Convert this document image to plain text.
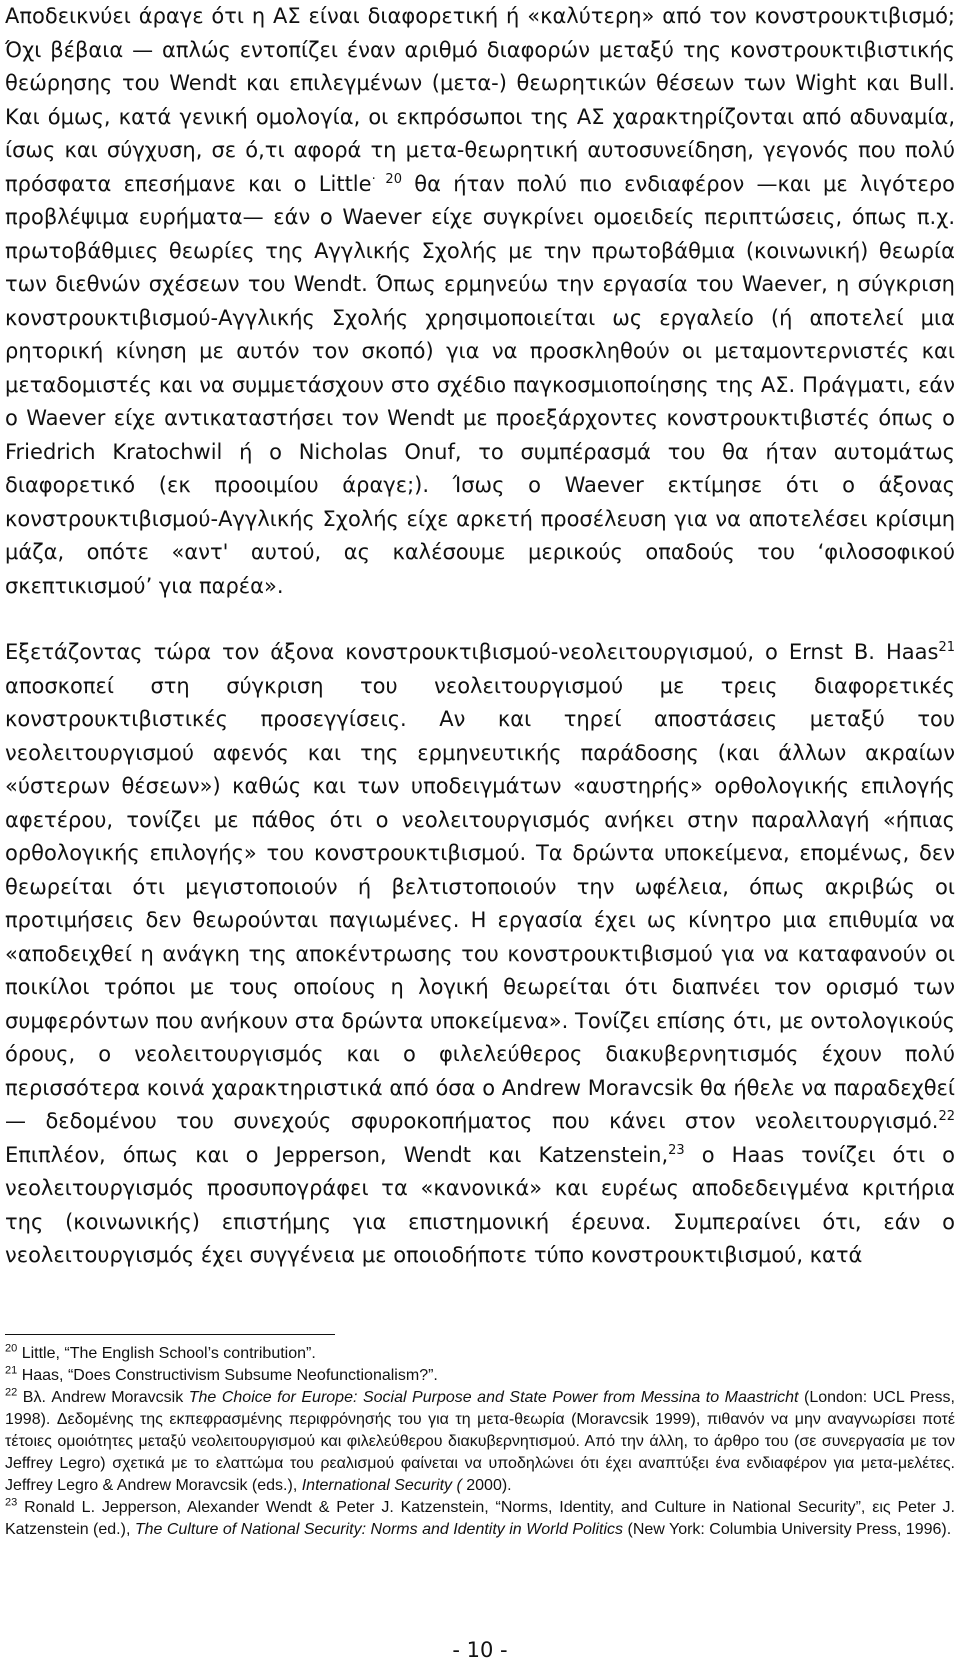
Αποδεικνύει άραγε ότι η ΑΣ είναι διαφορετική ή «καλύτερη» από τον κονστρουκτιβισμό; Όχι βέβαια — απλώς εντοπίζει έναν αριθμό διαφορών μεταξύ της κονστρουκτιβιστικής θεώρησης του Wendt και επιλεγμένων (μετα-) θεωρητικών θέσεων των Wight και Bull. Και όμως, κατά γενική ομολογία, οι εκπρόσωποι της ΑΣ χαρακτηρίζονται από αδυναμία, ίσως και σύγχυση, σε ό,τι αφορά τη μετα-θεωρητική αυτοσυνείδηση, γεγονός που πολύ πρόσφατα επεσήμανε και ο Little$^{\cdot 20}$ θα ήταν πολύ πιο ενδιαφέρον —και με λιγότερο προβλέψιμα ευρήματα— εάν ο Waever είχε συγκρίνει ομοειδείς περιπτώσεις, όπως π.χ. πρωτοβάθμιες θεωρίες της Αγγλικής Σχολής με την πρωτοβάθμια (κοινωνική) θεωρία των διεθνών σχέσεων του Wendt. Όπως ερμηνεύω την εργασία του Waever, η σύγκριση κονστρουκτιβισμού-Αγγλικής Σχολής χρησιμοποιείται ως εργαλείο (ή αποτελεί μια ρητορική κίνηση με αυτόν τον σκοπό) για να προσκληθούν οι μεταμοντερνιστές και μεταδομιστές και να συμμετάσχουν στο σχέδιο παγκοσμιοποίησης της ΑΣ. Πράγματι, εάν ο Waever είχε αντικαταστήσει τον Wendt με προεξάρχοντες κονστρουκτιβιστές όπως ο Friedrich Kratochwil ή ο Nicholas Onuf, το συμπέρασμά του θα ήταν αυτομάτως διαφορετικό (εκ προοιμίου άραγε;). Ίσως ο Waever εκτίμησε ότι ο άξονας κονστρουκτιβισμού-Αγγλικής Σχολής είχε αρκετή προσέλευση για να αποτελέσει κρίσιμη μάζα, οπότε «αντ' αυτού, ας καλέσουμε μερικούς οπαδούς του ‘φιλοσοφικού σκεπτικισμού’ για παρέα».

Εξετάζοντας τώρα τον άξονα κονστρουκτιβισμού-νεολειτουργισμού, ο Ernst B. Haas$^{21}$ αποσκοπεί στη σύγκριση του νεολειτουργισμού με τρεις διαφορετικές κονστρουκτιβιστικές προσεγγίσεις. Αν και τηρεί αποστάσεις μεταξύ του νεολειτουργισμού αφενός και της ερμηνευτικής παράδοσης (και άλλων ακραίων «ύστερων θέσεων») καθώς και των υποδειγμάτων «αυστηρής» ορθολογικής επιλογής αφετέρου, τονίζει με πάθος ότι ο νεολειτουργισμός ανήκει στην παραλλαγή «ήπιας ορθολογικής επιλογής» του κονστρουκτιβισμού. Τα δρώντα υποκείμενα, επομένως, δεν θεωρείται ότι μεγιστοποιούν ή βελτιστοποιούν την ωφέλεια, όπως ακριβώς οι προτιμήσεις δεν θεωρούνται παγιωμένες. Η εργασία έχει ως κίνητρο μια επιθυμία να «αποδειχθεί η ανάγκη της αποκέντρωσης του κονστρουκτιβισμού για να καταφανούν οι ποικίλοι τρόποι με τους οποίους η λογική θεωρείται ότι διαπνέει τον ορισμό των συμφερόντων που ανήκουν στα δρώντα υποκείμενα». Τονίζει επίσης ότι, με οντολογικούς όρους, ο νεολειτουργισμός και ο φιλελεύθερος διακυβερνητισμός έχουν πολύ περισσότερα κοινά χαρακτηριστικά από όσα ο Andrew Moravcsik θα ήθελε να παραδεχθεί — δεδομένου του συνεχούς σφυροκοπήματος που κάνει στον νεολειτουργισμό.$^{22}$ Επιπλέον, όπως και ο Jepperson, Wendt και Katzenstein,$^{23}$ ο Haas τονίζει ότι ο νεολειτουργισμός προσυπογράφει τα «κανονικά» και ευρέως αποδεδειγμένα κριτήρια της (κοινωνικής) επιστήμης για επιστημονική έρευνα. Συμπεραίνει ότι, εάν ο νεολειτουργισμός έχει συγγένεια με οποιοδήποτε τύπο κονστρουκτιβισμού, κατά

$^{20}$ Little, “The English School’s contribution”.

$^{21}$ Haas, “Does Constructivism Subsume Neofunctionalism?”.

$^{22}$ Βλ. Andrew Moravcsik The Choice for Europe: Social Purpose and State Power from Messina to Maastricht (London: UCL Press, 1998). Δεδομένης της εκπεφρασμένης περιφρόνησής του για τη μετα-θεωρία (Moravcsik 1999), πιθανόν να μην αναγνωρίσει ποτέ τέτοιες ομοιότητες μεταξύ νεολειτουργισμού και φιλελεύθερου διακυβερνητισμού. Από την άλλη, το άρθρο του (σε συνεργασία με τον Jeffrey Legro) σχετικά με το ελαττώμα του ρεαλισμού φαίνεται να υποδηλώνει ότι έχει αναπτύξει ένα ενδιαφέρον για μετα-μελέτες. Jeffrey Legro & Andrew Moravcsik (eds.), International Security ( 2000).

$^{23}$ Ronald L. Jepperson, Alexander Wendt & Peter J. Katzenstein, “Norms, Identity, and Culture in National Security”, εις Peter J. Katzenstein (ed.), The Culture of National Security: Norms and Identity in World Politics (New York: Columbia University Press, 1996).

- 10 -
